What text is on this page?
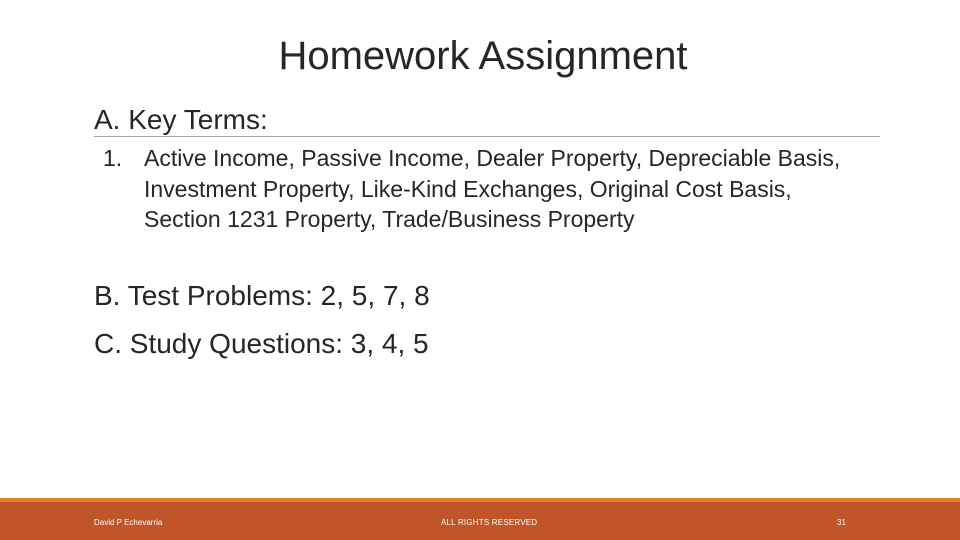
Homework Assignment
A. Key Terms:
1. Active Income, Passive Income, Dealer Property, Depreciable Basis, Investment Property, Like-Kind Exchanges, Original Cost Basis, Section 1231 Property, Trade/Business Property
B. Test Problems: 2, 5, 7, 8
C. Study Questions: 3, 4, 5
David P Echevarria	ALL RIGHTS RESERVED	31
